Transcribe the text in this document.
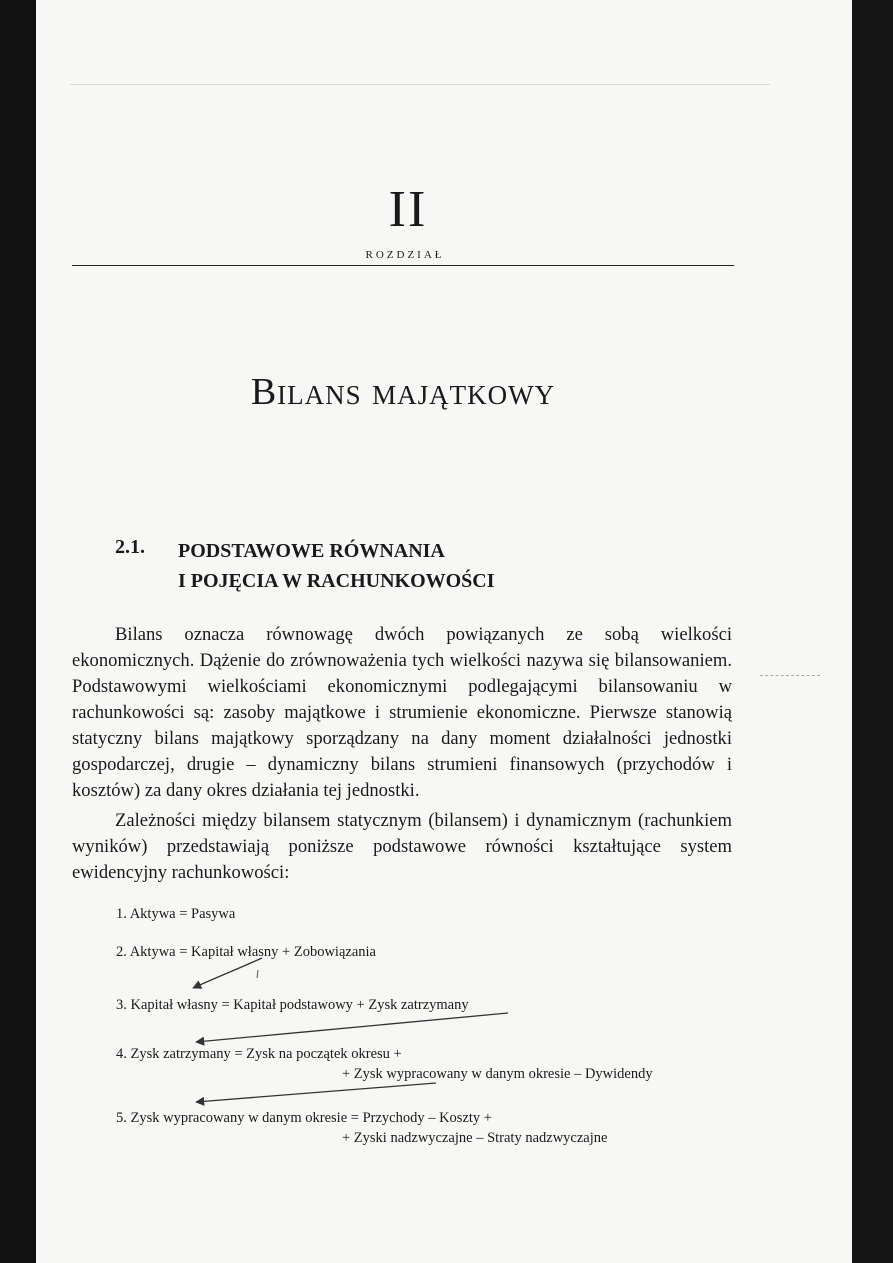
II
ROZDZIAŁ
Bilans majątkowy
2.1. PODSTAWOWE RÓWNANIA
I POJĘCIA W RACHUNKOWOŚCI

Bilans oznacza równowagę dwóch powiązanych ze sobą wielkości ekonomicznych. Dążenie do zrównoważenia tych wielkości nazywa się bilansowaniem. Podstawowymi wielkościami ekonomicznymi podlegającymi bilansowaniu w rachunkowości są: zasoby majątkowe i strumienie ekonomiczne. Pierwsze stanowią statyczny bilans majątkowy sporządzany na dany moment działalności jednostki gospodarczej, drugie – dynamiczny bilans strumieni finansowych (przychodów i kosztów) za dany okres działania tej jednostki.

Zależności między bilansem statycznym (bilansem) i dynamicznym (rachunkiem wyników) przedstawiają poniższe podstawowe równości kształtujące system ewidencyjny rachunkowości:

1. Aktywa = Pasywa
2. Aktywa = Kapitał własny + Zobowiązania
3. Kapitał własny = Kapitał podstawowy + Zysk zatrzymany
4. Zysk zatrzymany = Zysk na początek okresu +
+ Zysk wypracowany w danym okresie – Dywidendy
5. Zysk wypracowany w danym okresie = Przychody – Koszty +
+ Zyski nadzwyczajne – Straty nadzwyczajne
